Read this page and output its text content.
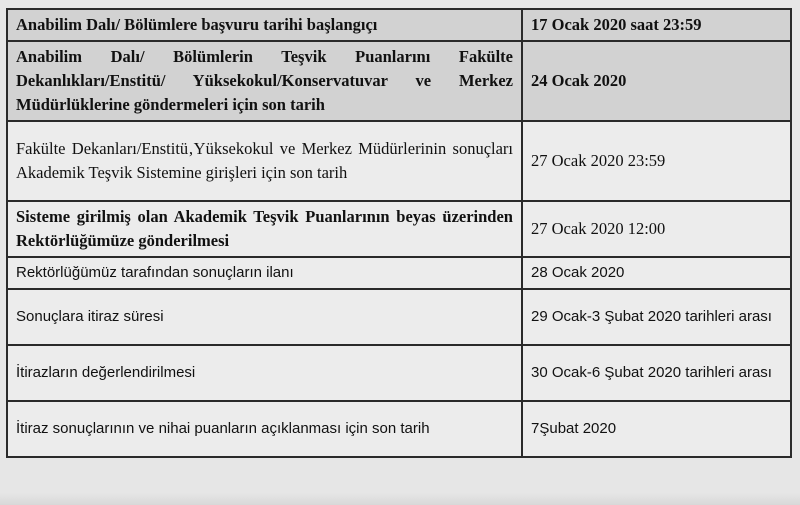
Anabilim Dalı/ Bölümlere başvuru tarihi başlangıçı	17 Ocak 2020 saat 23:59
Anabilim Dalı/ Bölümlerin Teşvik Puanlarını Fakülte Dekanlıkları/Enstitü/ Yüksekokul/Konservatuvar ve Merkez Müdürlüklerine göndermeleri için son tarih	24 Ocak 2020
Fakülte Dekanları/Enstitü‚Yüksekokul ve Merkez Müdürlerinin sonuçları Akademik Teşvik Sistemine girişleri için son tarih	27 Ocak 2020 23:59
Sisteme girilmiş olan Akademik Teşvik Puanlarının beyas üzerinden Rektörlüğümüze gönderilmesi	27 Ocak 2020 12:00
Rektörlüğümüz tarafından sonuçların ilanı	28 Ocak 2020
Sonuçlara itiraz süresi	29 Ocak-3 Şubat 2020 tarihleri arası
İtirazların değerlendirilmesi	30 Ocak-6 Şubat 2020 tarihleri arası
İtiraz sonuçlarının ve nihai puanların açıklanması için son tarih	7Şubat 2020
